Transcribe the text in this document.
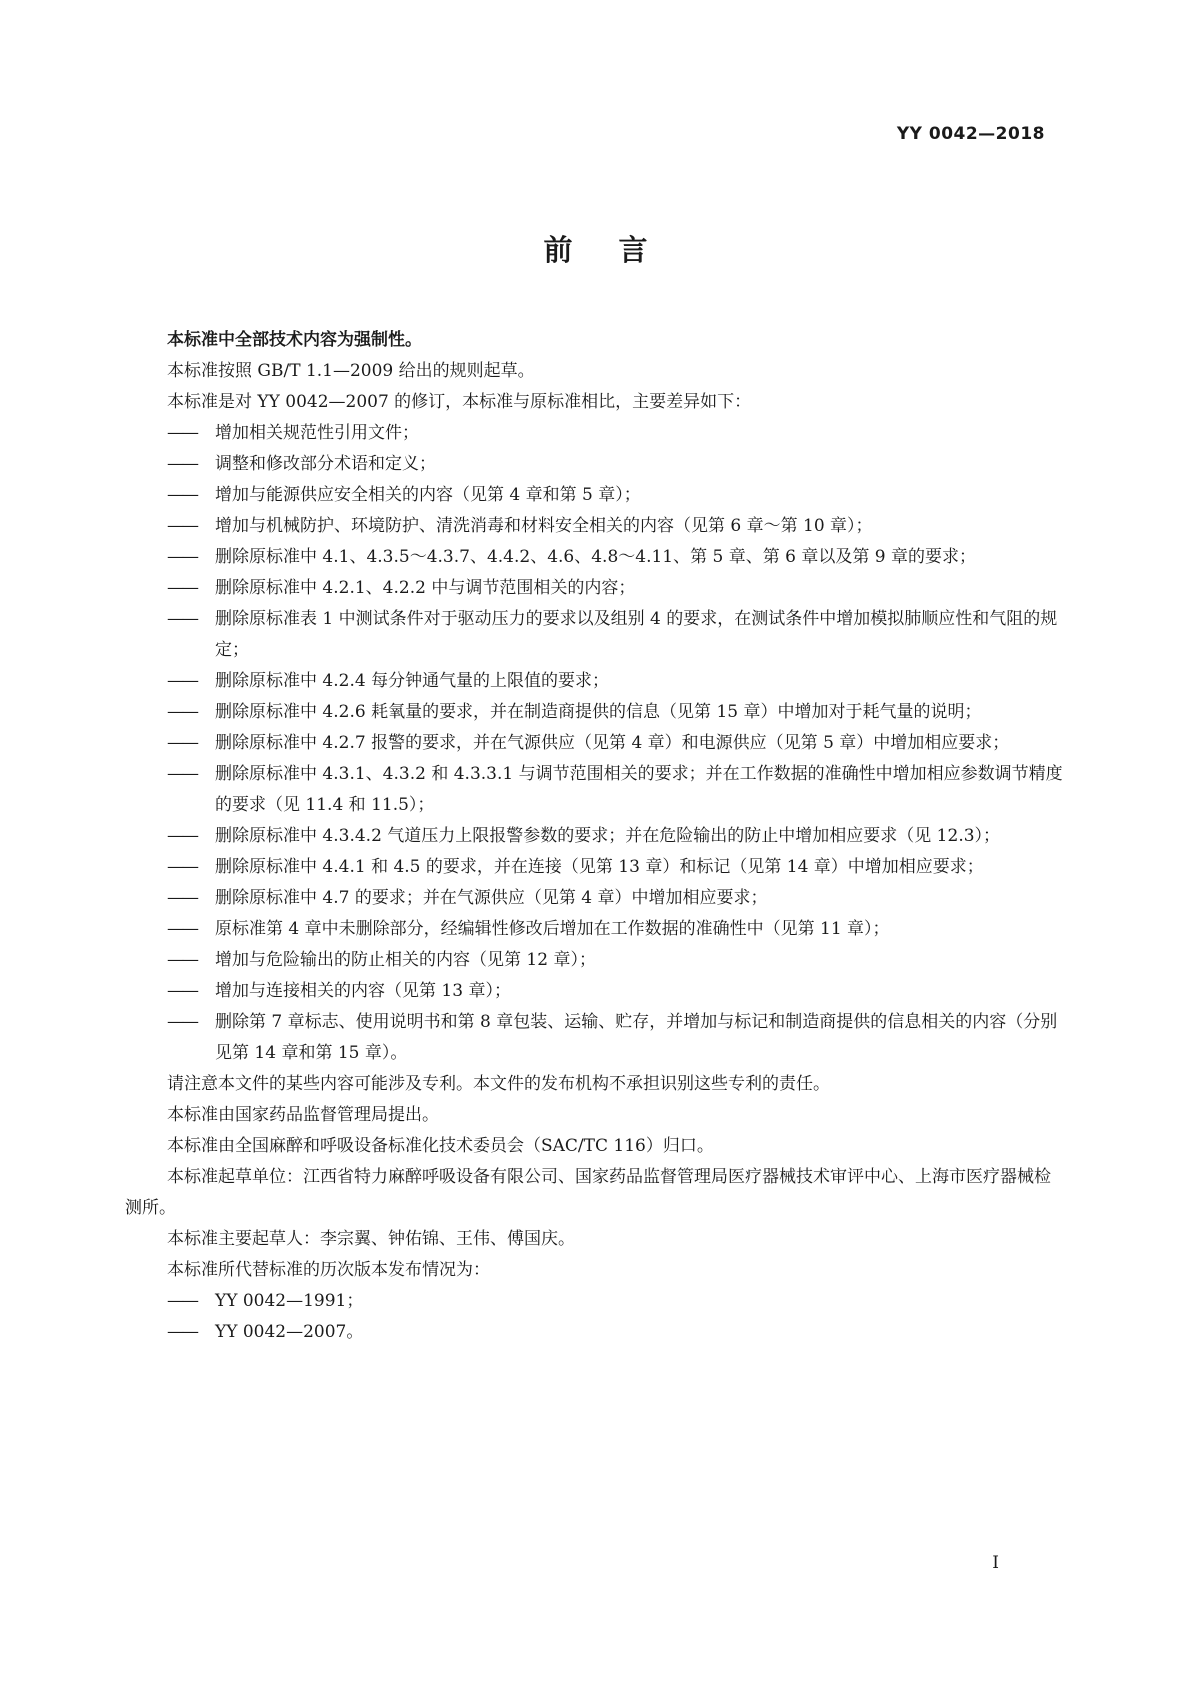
YY 0042—2018
前言

本标准中全部技术内容为强制性。

本标准按照 GB/T 1.1—2009 给出的规则起草。

本标准是对 YY 0042—2007 的修订，本标准与原标准相比，主要差异如下：

——	增加相关规范性引用文件；

——	调整和修改部分术语和定义；

——	增加与能源供应安全相关的内容（见第 4 章和第 5 章）；

——	增加与机械防护、环境防护、清洗消毒和材料安全相关的内容（见第 6 章～第 10 章）；

——	删除原标准中 4.1、4.3.5～4.3.7、4.4.2、4.6、4.8～4.11、第 5 章、第 6 章以及第 9 章的要求；

——	删除原标准中 4.2.1、4.2.2 中与调节范围相关的内容；

——	删除原标准表 1 中测试条件对于驱动压力的要求以及组别 4 的要求，在测试条件中增加模拟肺顺应性和气阻的规定；

——	删除原标准中 4.2.4 每分钟通气量的上限值的要求；

——	删除原标准中 4.2.6 耗氧量的要求，并在制造商提供的信息（见第 15 章）中增加对于耗气量的说明；

——	删除原标准中 4.2.7 报警的要求，并在气源供应（见第 4 章）和电源供应（见第 5 章）中增加相应要求；

——	删除原标准中 4.3.1、4.3.2 和 4.3.3.1 与调节范围相关的要求；并在工作数据的准确性中增加相应参数调节精度的要求（见 11.4 和 11.5）；

——	删除原标准中 4.3.4.2 气道压力上限报警参数的要求；并在危险输出的防止中增加相应要求（见 12.3）；

——	删除原标准中 4.4.1 和 4.5 的要求，并在连接（见第 13 章）和标记（见第 14 章）中增加相应要求；

——	删除原标准中 4.7 的要求；并在气源供应（见第 4 章）中增加相应要求；

——	原标准第 4 章中未删除部分，经编辑性修改后增加在工作数据的准确性中（见第 11 章）；

——	增加与危险输出的防止相关的内容（见第 12 章）；

——	增加与连接相关的内容（见第 13 章）；

——	删除第 7 章标志、使用说明书和第 8 章包装、运输、贮存，并增加与标记和制造商提供的信息相关的内容（分别见第 14 章和第 15 章）。

请注意本文件的某些内容可能涉及专利。本文件的发布机构不承担识别这些专利的责任。

本标准由国家药品监督管理局提出。

本标准由全国麻醉和呼吸设备标准化技术委员会（SAC/TC 116）归口。

本标准起草单位：江西省特力麻醉呼吸设备有限公司、国家药品监督管理局医疗器械技术审评中心、上海市医疗器械检测所。

本标准主要起草人：李宗翼、钟佑锦、王伟、傅国庆。

本标准所代替标准的历次版本发布情况为：

——	YY 0042—1991；

——	YY 0042—2007。

I
